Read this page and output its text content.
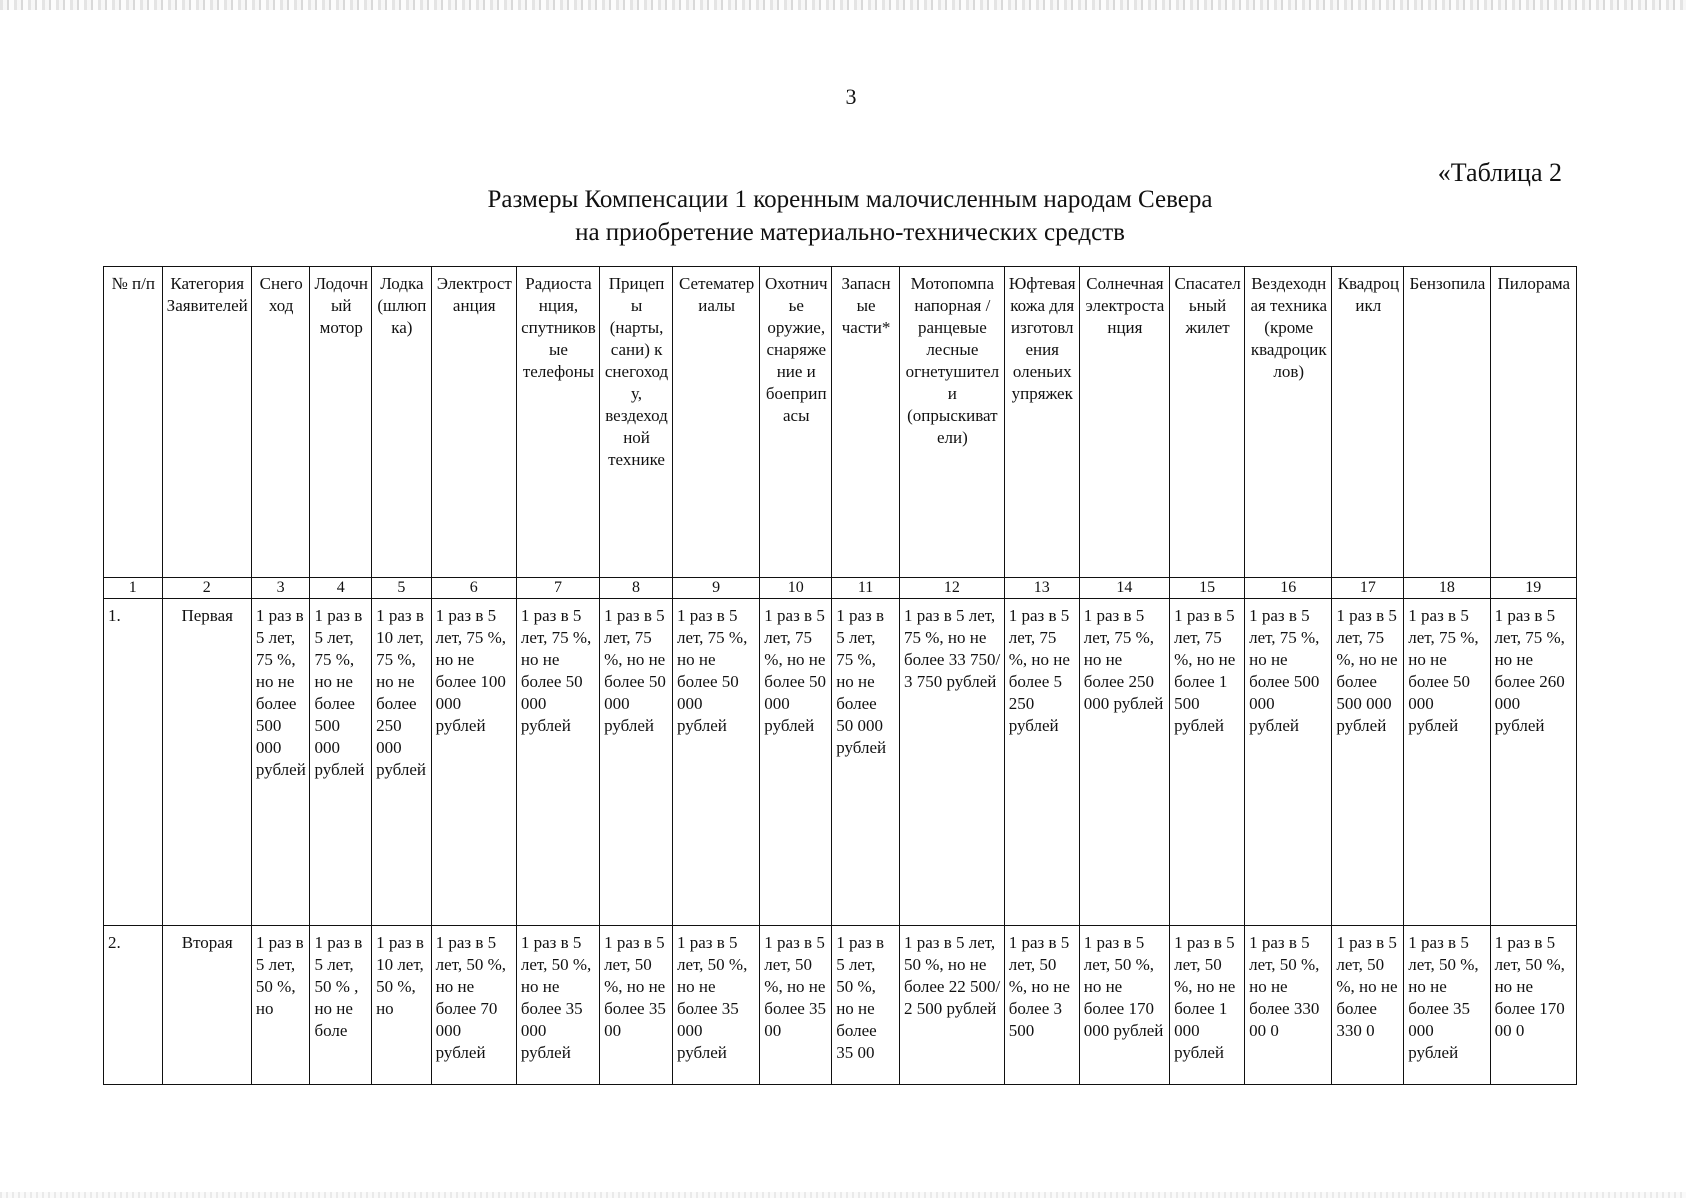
3
«Таблица 2
Размеры Компенсации 1 коренным малочисленным народам Севера
на приобретение материально-технических средств
№ п/п	Категория Заявителей	Снегоход	Лодочный мотор	Лодка (шлюпка)	Электростанция	Радиостанция, спутниковые телефоны	Прицепы (нарты, сани) к снегоходу, вездеходной технике	Сетематериалы	Охотничье оружие, снаряжение и боеприпасы	Запасные части*	Мотопомпа напорная /ранцевые лесные огнетушители (опрыскиватели)	Юфтевая кожа для изготовления оленьих упряжек	Солнечная электростанция	Спасательный жилет	Вездеходная техника (кроме квадроциклов)	Квадроцикл	Бензопила	Пилорама
1	2	3	4	5	6	7	8	9	10	11	12	13	14	15	16	17	18	19
1.	Первая	1 раз в 5 лет, 75 %, но не более 500 000 рублей	1 раз в 5 лет, 75 %, но не более 500 000 рублей	1 раз в 10 лет, 75 %, но не более 250 000 рублей	1 раз в 5 лет, 75 %, но не более 100 000 рублей	1 раз в 5 лет, 75 %, но не более 50 000 рублей	1 раз в 5 лет, 75 %, но не более 50 000 рублей	1 раз в 5 лет, 75 %, но не более 50 000 рублей	1 раз в 5 лет, 75 %, но не более 50 000 рублей	1 раз в 5 лет, 75 %, но не более 50 000 рублей	1 раз в 5 лет, 75 %, но не более 33 750/ 3 750 рублей	1 раз в 5 лет, 75 %, но не более 5 250 рублей	1 раз в 5 лет, 75 %, но не более 250 000 рублей	1 раз в 5 лет, 75 %, но не более 1 500 рублей	1 раз в 5 лет, 75 %, но не более 500 000 рублей	1 раз в 5 лет, 75 %, но не более 500 000 рублей	1 раз в 5 лет, 75 %, но не более 50 000 рублей	1 раз в 5 лет, 75 %, но не более 260 000 рублей
2.	Вторая	1 раз в 5 лет, 50 %, но	1 раз в 5 лет, 50 % , но не боле	1 раз в 10 лет, 50 %, но	1 раз в 5 лет, 50 %, но не более 70 000 рублей	1 раз в 5 лет, 50 %, но не более 35 000 рублей	1 раз в 5 лет, 50 %, но не более 35 00	1 раз в 5 лет, 50 %, но не более 35 000 рублей	1 раз в 5 лет, 50 %, но не более 35 00	1 раз в 5 лет, 50 %, но не более 35 00	1 раз в 5 лет, 50 %, но не более 22 500/ 2 500 рублей	1 раз в 5 лет, 50 %, но не более 3 500	1 раз в 5 лет, 50 %, но не более 170 000 рублей	1 раз в 5 лет, 50 %, но не более 1 000 рублей	1 раз в 5 лет, 50 %, но не более 330 00 0	1 раз в 5 лет, 50 %, но не более 330 0	1 раз в 5 лет, 50 %, но не более 35 000 рублей	1 раз в 5 лет, 50 %, но не более 170 00 0
